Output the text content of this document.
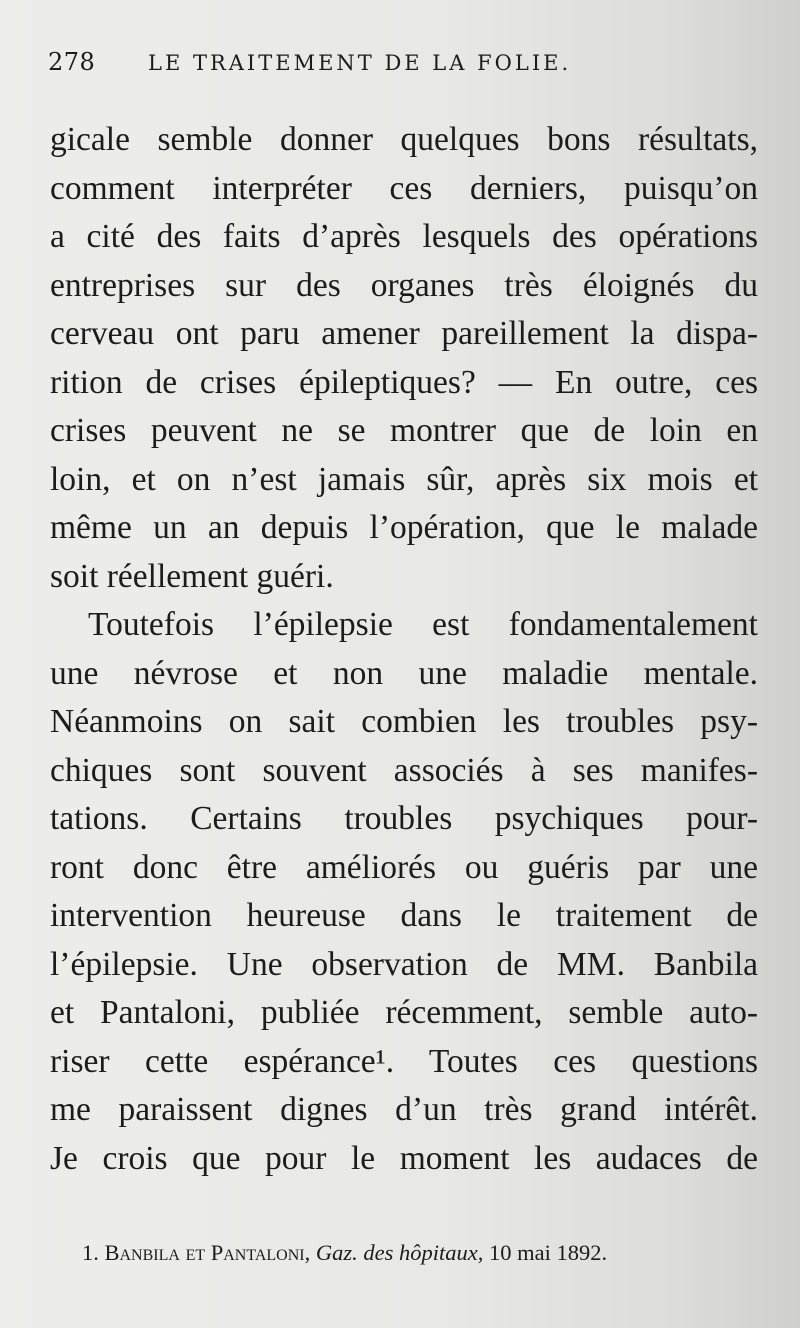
278	LE TRAITEMENT DE LA FOLIE.
gicale semble donner quelques bons résultats,
comment interpréter ces derniers, puisqu’on
a cité des faits d’après lesquels des opérations
entreprises sur des organes très éloignés du
cerveau ont paru amener pareillement la dispa-
rition de crises épileptiques? — En outre, ces
crises peuvent ne se montrer que de loin en
loin, et on n’est jamais sûr, après six mois et
même un an depuis l’opération, que le malade
soit réellement guéri.
Toutefois l’épilepsie est fondamentalement
une névrose et non une maladie mentale.
Néanmoins on sait combien les troubles psy-
chiques sont souvent associés à ses manifes-
tations. Certains troubles psychiques pour-
ront donc être améliorés ou guéris par une
intervention heureuse dans le traitement de
l’épilepsie. Une observation de MM. Banbila
et Pantaloni, publiée récemment, semble auto-
riser cette espérance¹. Toutes ces questions
me paraissent dignes d’un très grand intérêt.
Je crois que pour le moment les audaces de
1. Banbila et Pantaloni, Gaz. des hôpitaux, 10 mai 1892.
